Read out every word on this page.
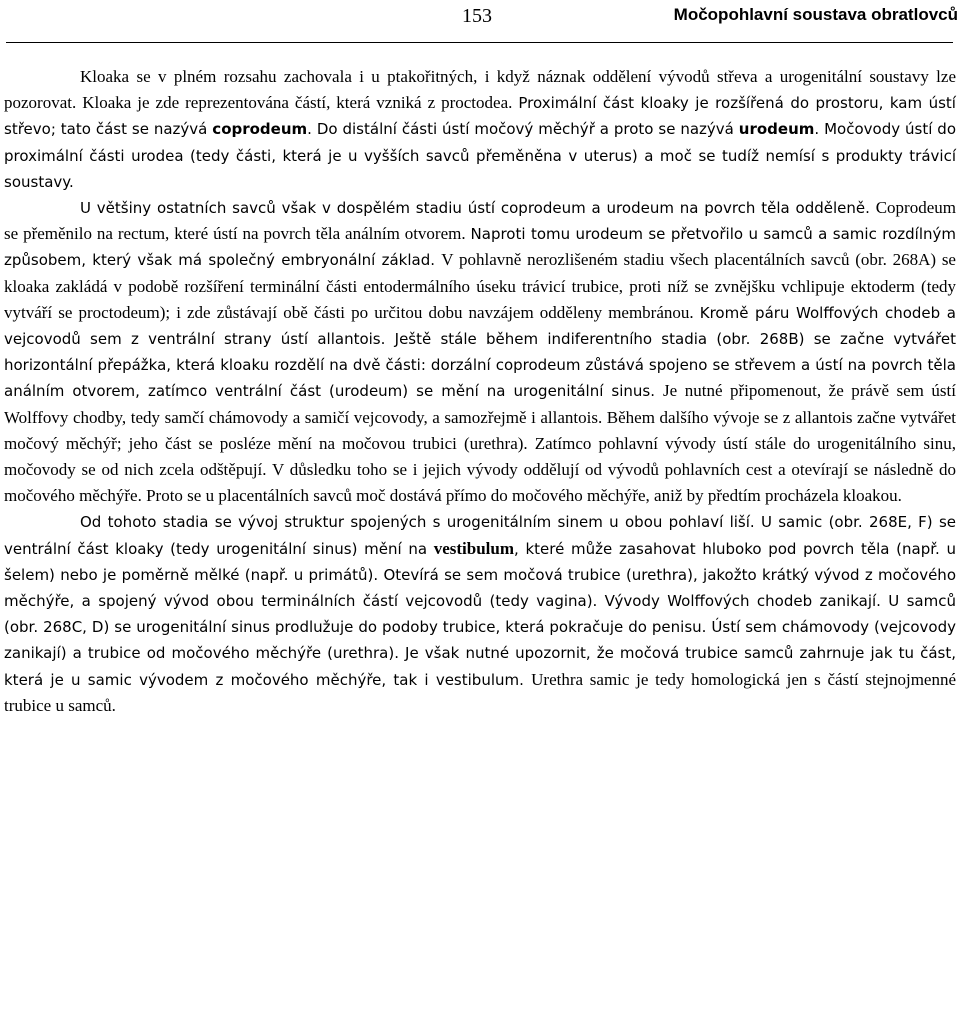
153	Močopohlavní soustava obratlovců

Kloaka se v plném rozsahu zachovala i u ptakořitných, i když náznak oddělení vývodů střeva a urogenitální soustavy lze pozorovat. Kloaka je zde reprezentována částí, která vzniká z proctodea. Proximální část kloaky je rozšířená do prostoru, kam ústí střevo; tato část se nazývá coprodeum. Do distální části ústí močový měchýř a proto se nazývá urodeum. Močovody ústí do proximální části urodea (tedy části, která je u vyšších savců přeměněna v uterus) a moč se tudíž nemísí s produkty trávicí soustavy.

U většiny ostatních savců však v dospělém stadiu ústí coprodeum a urodeum na povrch těla odděleně. Coprodeum se přeměnilo na rectum, které ústí na povrch těla análním otvorem. Naproti tomu urodeum se přetvořilo u samců a samic rozdílným způsobem, který však má společný embryonální základ. V pohlavně nerozlišeném stadiu všech placentálních savců (obr. 268A) se kloaka zakládá v podobě rozšíření terminální části entodermálního úseku trávicí trubice, proti níž se zvnějšku vchlipuje ektoderm (tedy vytváří se proctodeum); i zde zůstávají obě části po určitou dobu navzájem odděleny membránou. Kromě páru Wolffových chodeb a vejcovodů sem z ventrální strany ústí allantois. Ještě stále během indiferentního stadia (obr. 268B) se začne vytvářet horizontální přepážka, která kloaku rozdělí na dvě části: dorzální coprodeum zůstává spojeno se střevem a ústí na povrch těla análním otvorem, zatímco ventrální část (urodeum) se mění na urogenitální sinus. Je nutné připomenout, že právě sem ústí Wolffovy chodby, tedy samčí chámovody a samičí vejcovody, a samozřejmě i allantois. Během dalšího vývoje se z allantois začne vytvářet močový měchýř; jeho část se posléze mění na močovou trubici (urethra). Zatímco pohlavní vývody ústí stále do urogenitálního sinu, močovody se od nich zcela odštěpují. V důsledku toho se i jejich vývody oddělují od vývodů pohlavních cest a otevírají se následně do močového měchýře. Proto se u placentálních savců moč dostává přímo do močového měchýře, aniž by předtím procházela kloakou.

Od tohoto stadia se vývoj struktur spojených s urogenitálním sinem u obou pohlaví liší. U samic (obr. 268E, F) se ventrální část kloaky (tedy urogenitální sinus) mění na vestibulum, které může zasahovat hluboko pod povrch těla (např. u šelem) nebo je poměrně mělké (např. u primátů). Otevírá se sem močová trubice (urethra), jakožto krátký vývod z močového měchýře, a spojený vývod obou terminálních částí vejcovodů (tedy vagina). Vývody Wolffových chodeb zanikají. U samců (obr. 268C, D) se urogenitální sinus prodlužuje do podoby trubice, která pokračuje do penisu. Ústí sem chámovody (vejcovody zanikají) a trubice od močového měchýře (urethra). Je však nutné upozornit, že močová trubice samců zahrnuje jak tu část, která je u samic vývodem z močového měchýře, tak i vestibulum. Urethra samic je tedy homologická jen s částí stejnojmenné trubice u samců.
